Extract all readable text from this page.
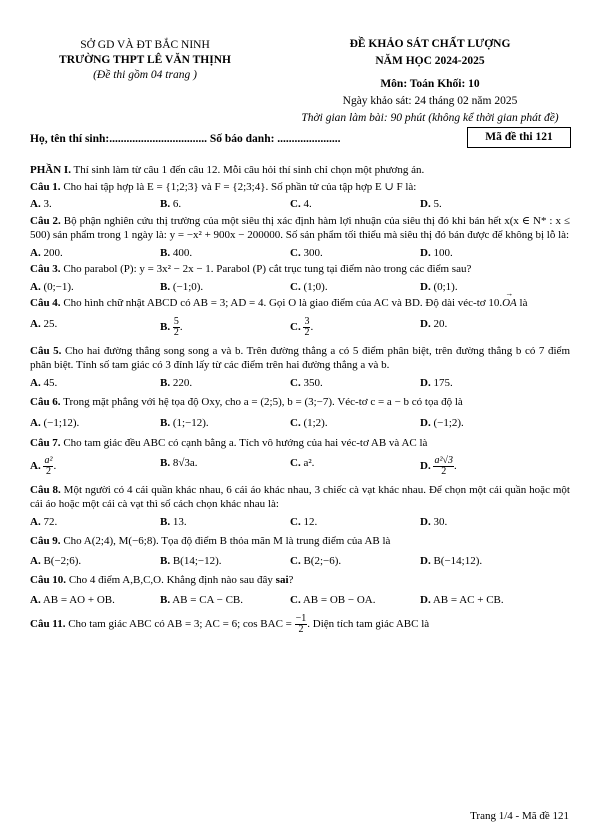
SỞ GD VÀ ĐT BẮC NINH
TRƯỜNG THPT LÊ VĂN THỊNH
(Đề thi gồm 04 trang )
ĐỀ KHẢO SÁT CHẤT LƯỢNG
NĂM HỌC 2024-2025
Môn: Toán Khối: 10
Ngày khảo sát: 24 tháng 02 năm 2025
Thời gian làm bài: 90 phút (không kể thời gian phát đề)
Họ, tên thí sinh:.................................. Số báo danh: ......................	Mã đề thi 121

PHẦN I. Thí sinh làm từ câu 1 đến câu 12. Mỗi câu hỏi thí sinh chỉ chọn một phương án.

Câu 1. Cho hai tập hợp là E = {1;2;3} và F = {2;3;4}. Số phần tử của tập hợp E ∪ F là:

A. 3.	B. 6.	C. 4.	D. 5.

Câu 2. Bộ phận nghiên cứu thị trường của một siêu thị xác định hàm lợi nhuận của siêu thị đó khi bán hết x(x ∈ N* : x ≤ 500) sản phẩm trong 1 ngày là: y = −x² + 900x − 200000. Số sản phẩm tối thiểu mà siêu thị đó bán được để không bị lỗ là:

A. 200.	B. 400.	C. 300.	D. 100.

Câu 3. Cho parabol (P): y = 3x² − 2x − 1. Parabol (P) cắt trục tung tại điểm nào trong các điểm sau?

A. (0;−1).	B. (−1;0).	C. (1;0).	D. (0;1).

Câu 4. Cho hình chữ nhật ABCD có AB = 3; AD = 4. Gọi O là giao điểm của AC và BD. Độ dài véc-tơ 10.→ OA là

A. 25.	B. $\frac{5}{2}$ .	C. $\frac{3}{2}$ .	D. 20.

Câu 5. Cho hai đường thẳng song song a và b. Trên đường thẳng a có 5 điểm phân biệt, trên đường thẳng b có 7 điểm phân biệt. Tính số tam giác có 3 đỉnh lấy từ các điểm trên hai đường thẳng a và b.

A. 45.	B. 220.	C. 350.	D. 175.

Câu 6. Trong mặt phẳng với hệ tọa độ Oxy, cho a = (2;5), b = (3;−7). Véc-tơ c = a − b có tọa độ là

A. (−1;12).	B. (1;−12).	C. (1;2).	D. (−1;2).

Câu 7. Cho tam giác đều ABC có cạnh bằng a. Tích vô hướng của hai véc-tơ AB và AC là

A. $\frac{\text{a²}}{2}$ .	B. 8√3a.	C. a².	D. $\frac{\text{a²√3}}{2}$ .

Câu 8. Một người có 4 cái quần khác nhau, 6 cái áo khác nhau, 3 chiếc cà vạt khác nhau. Để chọn một cái quần hoặc một cái áo hoặc một cái cà vạt thì số cách chọn khác nhau là:

A. 72.	B. 13.	C. 12.	D. 30.

Câu 9. Cho A(2;4), M(−6;8). Tọa độ điểm B thỏa mãn M là trung điểm của AB là

A. B(−2;6).	B. B(14;−12).	C. B(2;−6).	D. B(−14;12).

Câu 10. Cho 4 điểm A,B,C,O. Khẳng định nào sau đây sai?

A. AB = AO + OB.	B. AB = CA − CB.	C. AB = OB − OA.	D. AB = AC + CB.

Câu 11. Cho tam giác ABC có AB = 3; AC = 6; cos BAC = $\frac{-1}{2}$ . Diện tích tam giác ABC là

Trang 1/4 - Mã đề 121
